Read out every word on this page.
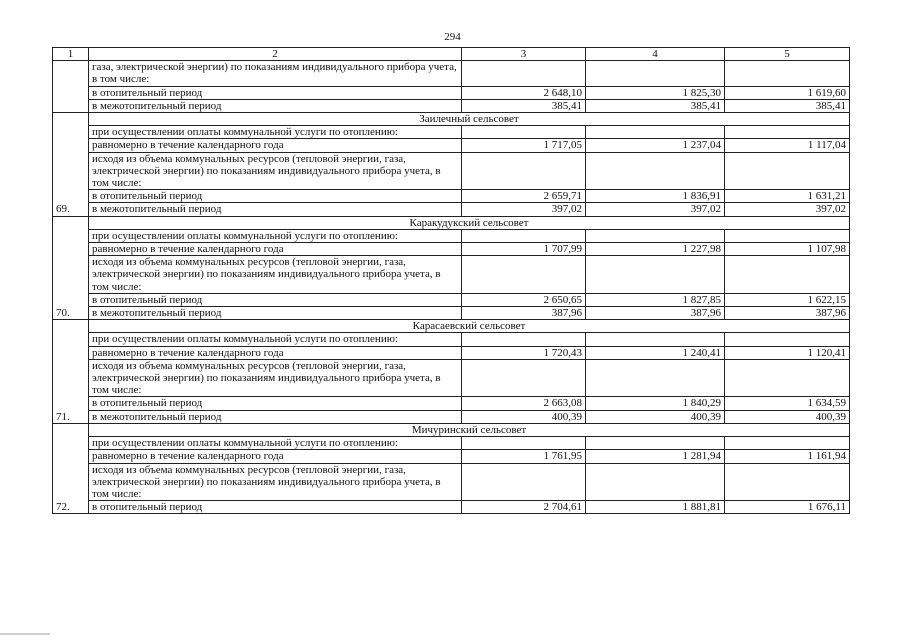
294
1	2	3	4	5
	газа, электрической энергии) по показаниям индивидуального прибора учета, в том числе:			
	в отопительный период	2 648,10	1 825,30	1 619,60
	в межотопительный период	385,41	385,41	385,41
69.	Заилечный сельсовет			
	при осуществлении оплаты коммунальной услуги по отоплению:			
	равномерно в течение календарного года	1 717,05	1 237,04	1 117,04
	исходя из объема коммунальных ресурсов (тепловой энергии, газа, электрической энергии) по показаниям индивидуального прибора учета, в том числе:			
	в отопительный период	2 659,71	1 836,91	1 631,21
	в межотопительный период	397,02	397,02	397,02
70.	Каракудукский сельсовет			
	при осуществлении оплаты коммунальной услуги по отоплению:			
	равномерно в течение календарного года	1 707,99	1 227,98	1 107,98
	исходя из объема коммунальных ресурсов (тепловой энергии, газа, электрической энергии) по показаниям индивидуального прибора учета, в том числе:			
	в отопительный период	2 650,65	1 827,85	1 622,15
	в межотопительный период	387,96	387,96	387,96
71.	Карасаевский сельсовет			
	при осуществлении оплаты коммунальной услуги по отоплению:			
	равномерно в течение календарного года	1 720,43	1 240,41	1 120,41
	исходя из объема коммунальных ресурсов (тепловой энергии, газа, электрической энергии) по показаниям индивидуального прибора учета, в том числе:			
	в отопительный период	2 663,08	1 840,29	1 634,59
	в межотопительный период	400,39	400,39	400,39
72.	Мичуринский сельсовет			
	при осуществлении оплаты коммунальной услуги по отоплению:			
	равномерно в течение календарного года	1 761,95	1 281,94	1 161,94
	исходя из объема коммунальных ресурсов (тепловой энергии, газа, электрической энергии) по показаниям индивидуального прибора учета, в том числе:			
	в отопительный период	2 704,61	1 881,81	1 676,11
